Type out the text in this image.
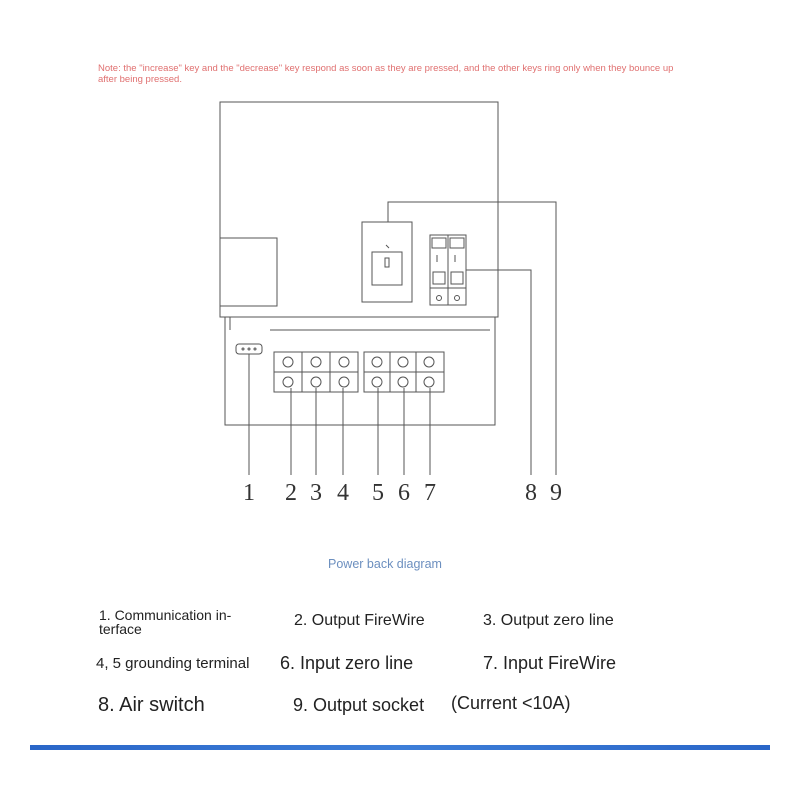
Note: the "increase" key and the "decrease" key respond as soon as they are pressed, and the other keys ring only when they bounce up after being pressed.
1 2 3 4 5 6 7	8 9
Power back diagram
1. Communication in-
terface	2. Output FireWire	3. Output zero line
4, 5 grounding terminal 6. Input zero line	7. Input FireWire
8. Air switch	9. Output socket (Current <10A)
